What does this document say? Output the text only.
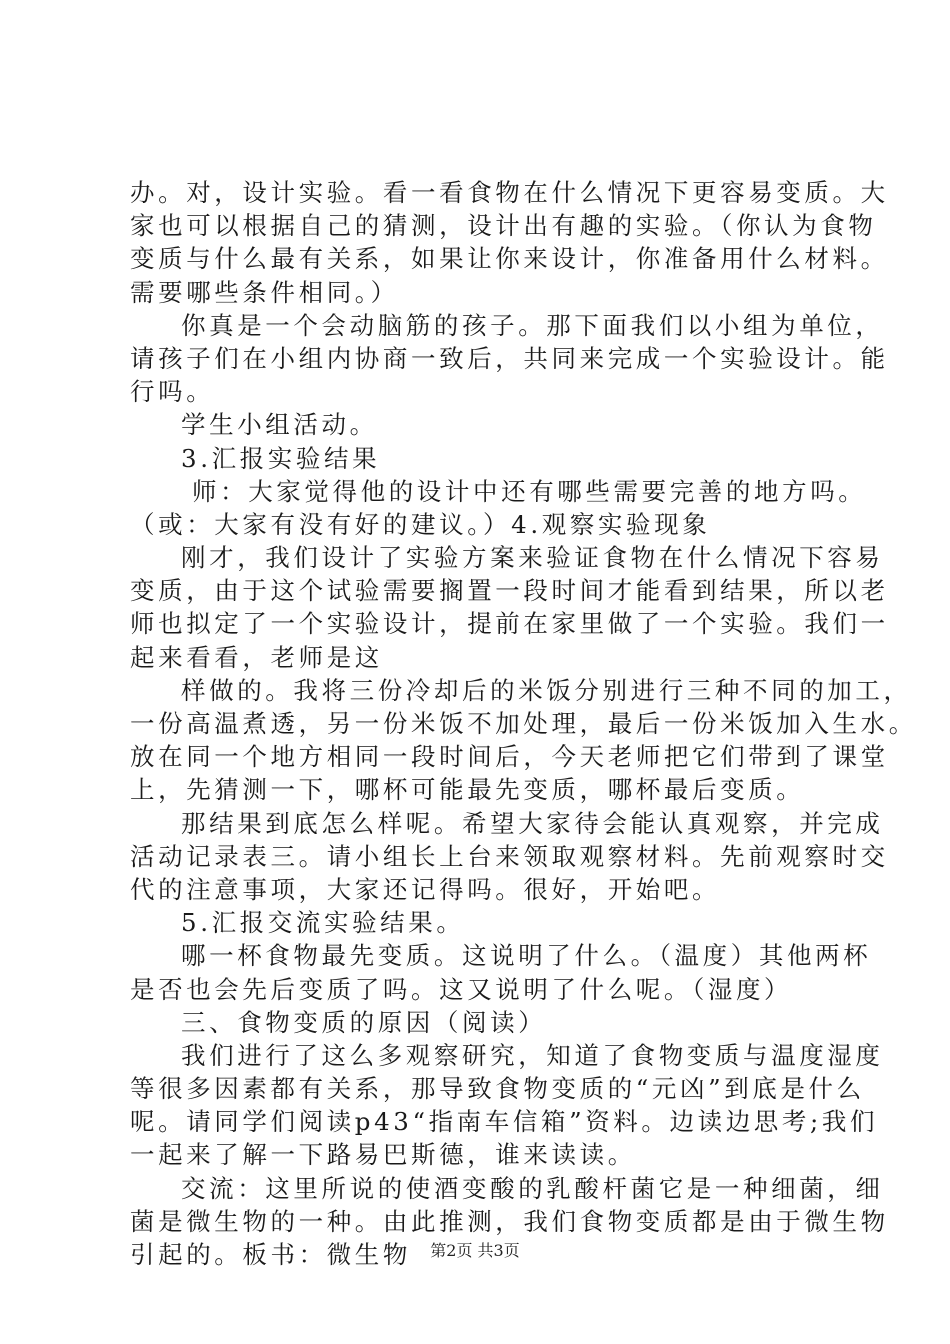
办。对，设计实验。看一看食物在什么情况下更容易变质。大
家也可以根据自己的猜测，设计出有趣的实验。（你认为食物
变质与什么最有关系，如果让你来设计，你准备用什么材料。
需要哪些条件相同。）
你真是一个会动脑筋的孩子。那下面我们以小组为单位，
请孩子们在小组内协商一致后，共同来完成一个实验设计。能
行吗。
学生小组活动。
3.汇报实验结果
师：大家觉得他的设计中还有哪些需要完善的地方吗。
（或：大家有没有好的建议。）4.观察实验现象
刚才，我们设计了实验方案来验证食物在什么情况下容易
变质，由于这个试验需要搁置一段时间才能看到结果，所以老
师也拟定了一个实验设计，提前在家里做了一个实验。我们一
起来看看，老师是这
样做的。我将三份冷却后的米饭分别进行三种不同的加工，
一份高温煮透，另一份米饭不加处理，最后一份米饭加入生水。
放在同一个地方相同一段时间后，今天老师把它们带到了课堂
上，先猜测一下，哪杯可能最先变质，哪杯最后变质。
那结果到底怎么样呢。希望大家待会能认真观察，并完成
活动记录表三。请小组长上台来领取观察材料。先前观察时交
代的注意事项，大家还记得吗。很好，开始吧。
5.汇报交流实验结果。
哪一杯食物最先变质。这说明了什么。（温度）其他两杯
是否也会先后变质了吗。这又说明了什么呢。（湿度）
三、食物变质的原因（阅读）
我们进行了这么多观察研究，知道了食物变质与温度湿度
等很多因素都有关系，那导致食物变质的“元凶”到底是什么
呢。请同学们阅读p43“指南车信箱”资料。边读边思考;我们
一起来了解一下路易巴斯德，谁来读读。
交流：这里所说的使酒变酸的乳酸杆菌它是一种细菌，细
菌是微生物的一种。由此推测，我们食物变质都是由于微生物
引起的。板书：微生物	第2页 共3页
